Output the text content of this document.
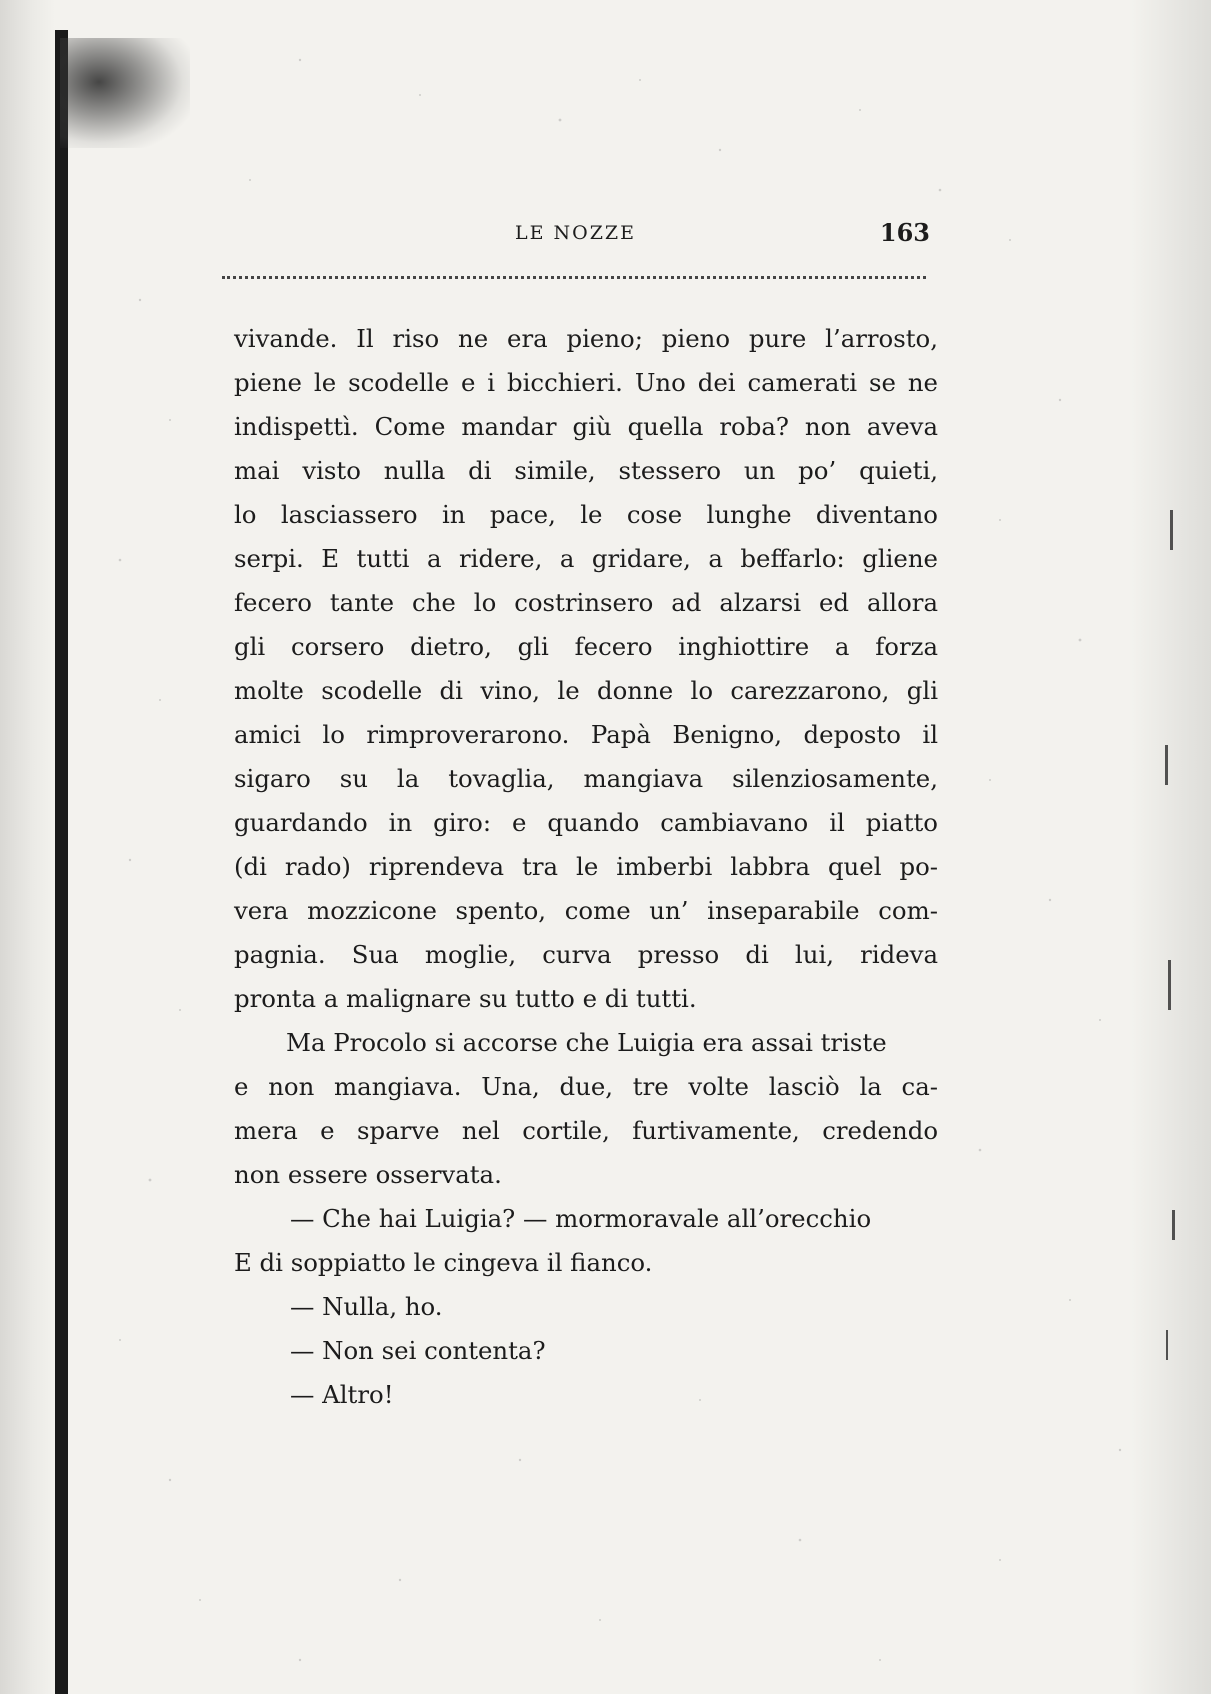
LE NOZZE	163
vivande. Il riso ne era pieno; pieno pure l’arrosto,
piene le scodelle e i bicchieri. Uno dei camerati se ne
indispettì. Come mandar giù quella roba? non aveva
mai visto nulla di simile, stessero un po’ quieti,
lo lasciassero in pace, le cose lunghe diventano
serpi. E tutti a ridere, a gridare, a beffarlo: gliene
fecero tante che lo costrinsero ad alzarsi ed allora
gli corsero dietro, gli fecero inghiottire a forza
molte scodelle di vino, le donne lo carezzarono, gli
amici lo rimproverarono. Papà Benigno, deposto il
sigaro su la tovaglia, mangiava silenziosamente,
guardando in giro: e quando cambiavano il piatto
(di rado) riprendeva tra le imberbi labbra quel po-
vera mozzicone spento, come un’ inseparabile com-
pagnia. Sua moglie, curva presso di lui, rideva
pronta a malignare su tutto e di tutti.
Ma Procolo si accorse che Luigia era assai triste
e non mangiava. Una, due, tre volte lasciò la ca-
mera e sparve nel cortile, furtivamente, credendo
non essere osservata.
— Che hai Luigia? — mormoravale all’orecchio
E di soppiatto le cingeva il fianco.
— Nulla, ho.
— Non sei contenta?
— Altro!
